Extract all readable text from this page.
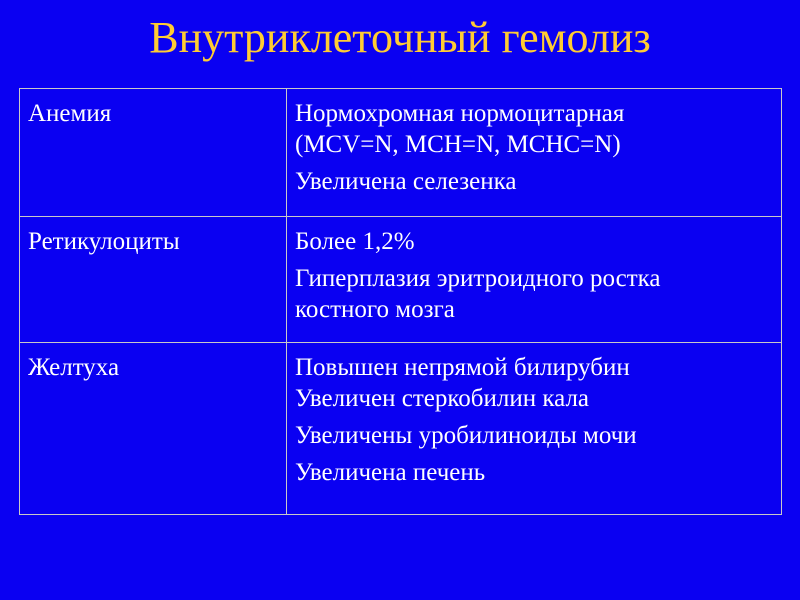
Внутриклеточный гемолиз
Анемия	Нормохромная нормоцитарная
(MCV=N, MCH=N, MCHC=N)
Увеличена селезенка

Ретикулоциты	Более 1,2%
Гиперплазия эритроидного ростка
костного мозга

Желтуха	Повышен непрямой билирубин
Увеличен стеркобилин кала
Увеличены уробилиноиды мочи
Увеличена печень
